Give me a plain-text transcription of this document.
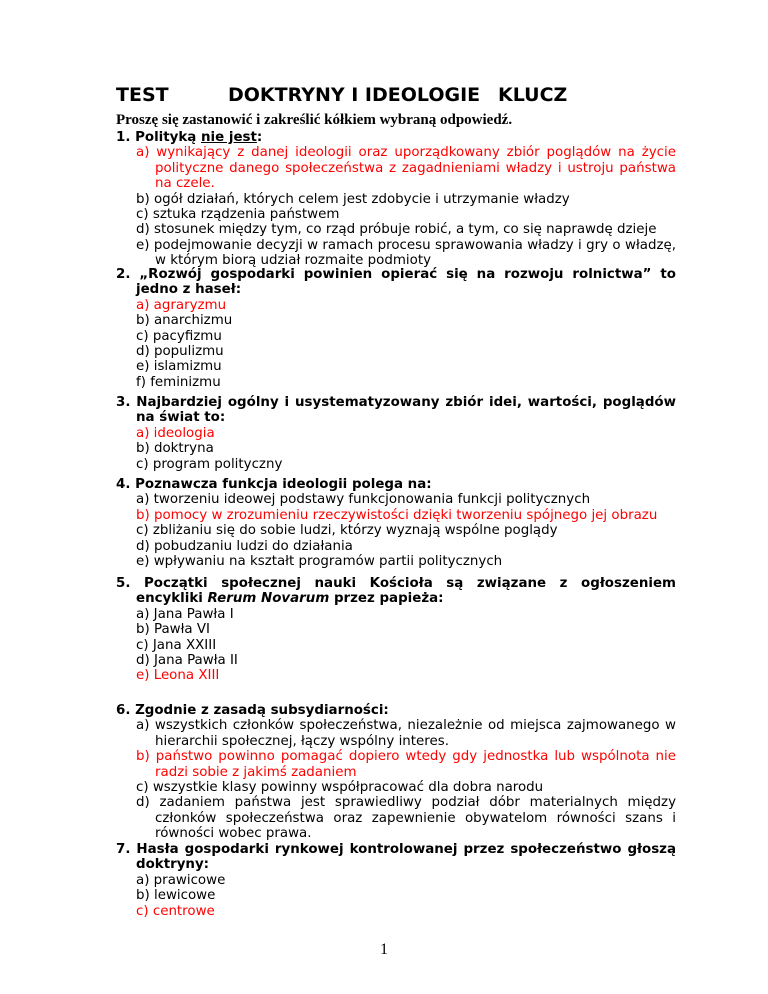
TEST	DOKTRYNY I IDEOLOGIE KLUCZ
Proszę się zastanowić i zakreślić kółkiem wybraną odpowiedź.
1. Polityką nie jest:
a) wynikający z danej ideologii oraz uporządkowany zbiór poglądów na życie polityczne danego społeczeństwa z zagadnieniami władzy i ustroju państwa na czele.
b) ogół działań, których celem jest zdobycie i utrzymanie władzy
c) sztuka rządzenia państwem
d) stosunek między tym, co rząd próbuje robić, a tym, co się naprawdę dzieje
e) podejmowanie decyzji w ramach procesu sprawowania władzy i gry o władzę, w którym biorą udział rozmaite podmioty
2. „Rozwój gospodarki powinien opierać się na rozwoju rolnictwa” to jedno z haseł:
a) agraryzmu
b) anarchizmu
c) pacyfizmu
d) populizmu
e) islamizmu
f) feminizmu
3. Najbardziej ogólny i usystematyzowany zbiór idei, wartości, poglądów na świat to:
a) ideologia
b) doktryna
c) program polityczny
4. Poznawcza funkcja ideologii polega na:
a) tworzeniu ideowej podstawy funkcjonowania funkcji politycznych
b) pomocy w zrozumieniu rzeczywistości dzięki tworzeniu spójnego jej obrazu
c) zbliżaniu się do sobie ludzi, którzy wyznają wspólne poglądy
d) pobudzaniu ludzi do działania
e) wpływaniu na kształt programów partii politycznych
5. Początki społecznej nauki Kościoła są związane z ogłoszeniem encykliki Rerum Novarum przez papieża:
a) Jana Pawła I
b) Pawła VI
c) Jana XXIII
d) Jana Pawła II
e) Leona XIII
6. Zgodnie z zasadą subsydiarności:
a) wszystkich członków społeczeństwa, niezależnie od miejsca zajmowanego w hierarchii społecznej, łączy wspólny interes.
b) państwo powinno pomagać dopiero wtedy gdy jednostka lub wspólnota nie radzi sobie z jakimś zadaniem
c) wszystkie klasy powinny współpracować dla dobra narodu
d) zadaniem państwa jest sprawiedliwy podział dóbr materialnych między członków społeczeństwa oraz zapewnienie obywatelom równości szans i równości wobec prawa.
7. Hasła gospodarki rynkowej kontrolowanej przez społeczeństwo głoszą doktryny:
a) prawicowe
b) lewicowe
c) centrowe
1
